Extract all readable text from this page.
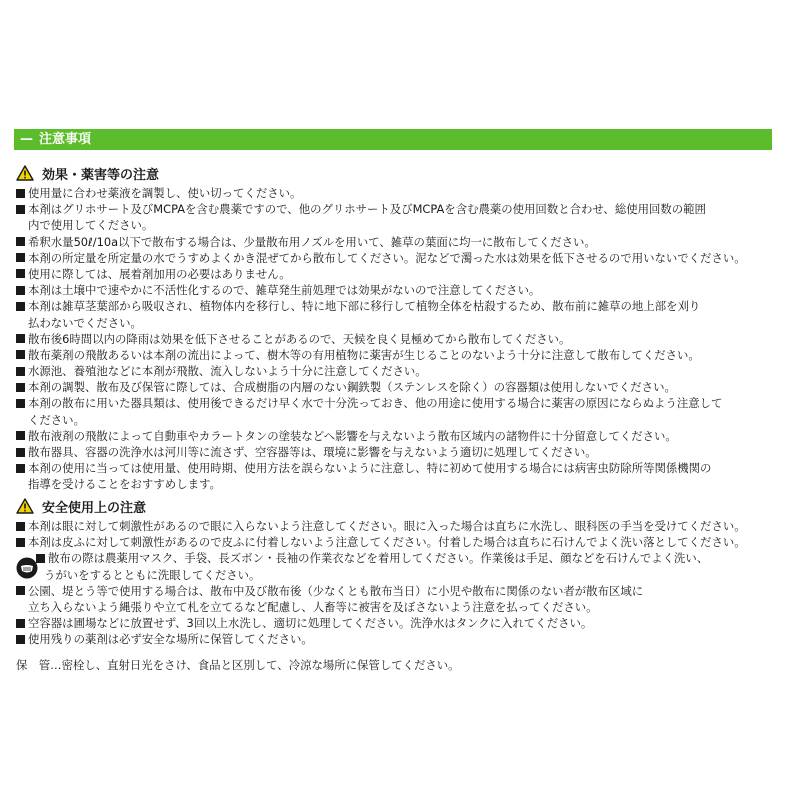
— 注意事項
効果・薬害等の注意
使用量に合わせ薬液を調製し、使い切ってください。
本剤はグリホサート及びMCPAを含む農薬ですので、他のグリホサート及びMCPAを含む農薬の使用回数と合わせ、総使用回数の範囲
内で使用してください。
希釈水量50ℓ/10a以下で散布する場合は、少量散布用ノズルを用いて、雑草の葉面に均一に散布してください。
本剤の所定量を所定量の水でうすめよくかき混ぜてから散布してください。泥などで濁った水は効果を低下させるので用いないでください。
使用に際しては、展着剤加用の必要はありません。
本剤は土壌中で速やかに不活性化するので、雑草発生前処理では効果がないので注意してください。
本剤は雑草茎葉部から吸収され、植物体内を移行し、特に地下部に移行して植物全体を枯殺するため、散布前に雑草の地上部を刈り
払わないでください。
散布後6時間以内の降雨は効果を低下させることがあるので、天候を良く見極めてから散布してください。
散布薬剤の飛散あるいは本剤の流出によって、樹木等の有用植物に薬害が生じることのないよう十分に注意して散布してください。
水源池、養殖池などに本剤が飛散、流入しないよう十分に注意してください。
本剤の調製、散布及び保管に際しては、合成樹脂の内層のない鋼鉄製（ステンレスを除く）の容器類は使用しないでください。
本剤の散布に用いた器具類は、使用後できるだけ早く水で十分洗っておき、他の用途に使用する場合に薬害の原因にならぬよう注意して
ください。
散布液剤の飛散によって自動車やカラートタンの塗装などへ影響を与えないよう散布区域内の諸物件に十分留意してください。
散布器具、容器の洗浄水は河川等に流さず、空容器等は、環境に影響を与えないよう適切に処理してください。
本剤の使用に当っては使用量、使用時期、使用方法を誤らないように注意し、特に初めて使用する場合には病害虫防除所等関係機関の
指導を受けることをおすすめします。
安全使用上の注意
本剤は眼に対して刺激性があるので眼に入らないよう注意してください。眼に入った場合は直ちに水洗し、眼科医の手当を受けてください。
本剤は皮ふに対して刺激性があるので皮ふに付着しないよう注意してください。付着した場合は直ちに石けんでよく洗い落としてください。
散布の際は農薬用マスク、手袋、長ズボン・長袖の作業衣などを着用してください。作業後は手足、顔などを石けんでよく洗い、
うがいをするとともに洗眼してください。
公園、堤とう等で使用する場合は、散布中及び散布後（少なくとも散布当日）に小児や散布に関係のない者が散布区域に
立ち入らないよう縄張りや立て札を立てるなど配慮し、人畜等に被害を及ぼさないよう注意を払ってください。
空容器は圃場などに放置せず、3回以上水洗し、適切に処理してください。洗浄水はタンクに入れてください。
使用残りの薬剤は必ず安全な場所に保管してください。
保　管…密栓し、直射日光をさけ、食品と区別して、冷涼な場所に保管してください。
